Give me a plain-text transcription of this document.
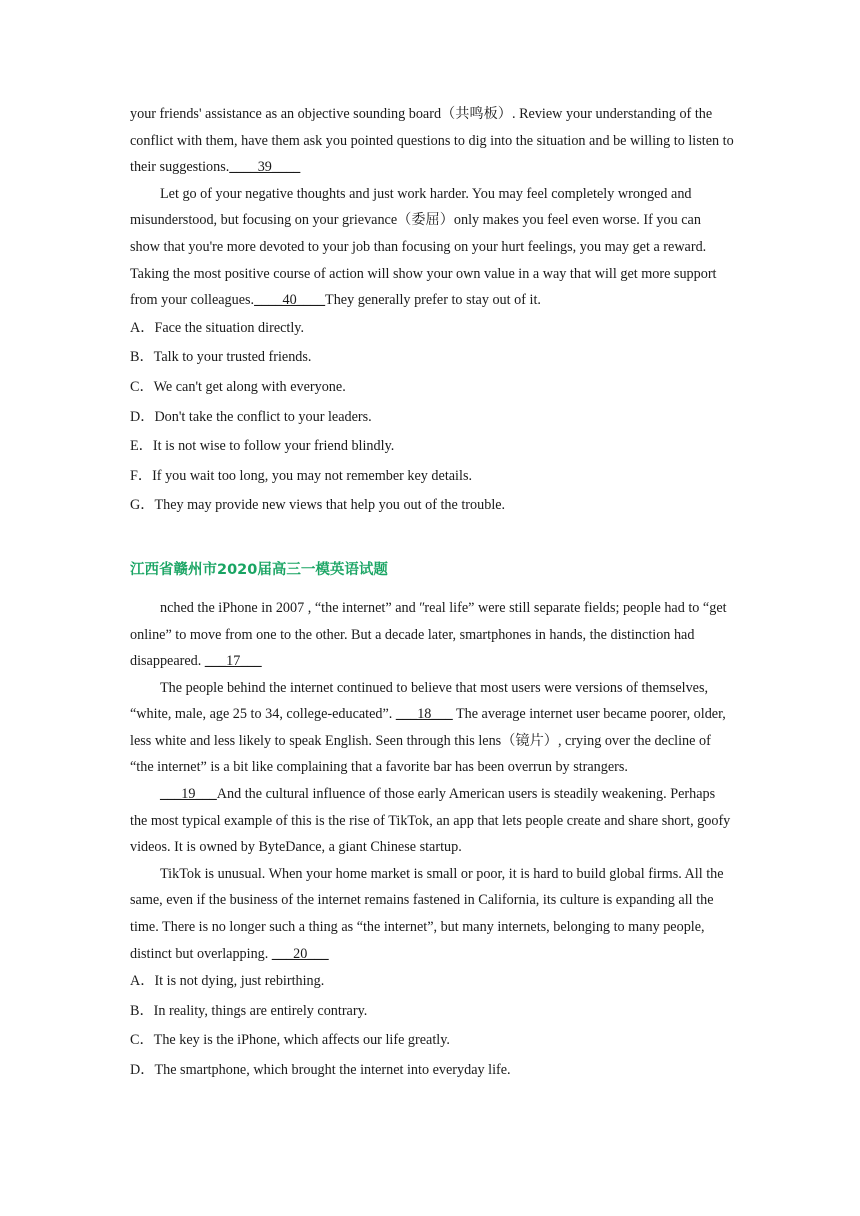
your friends' assistance as an objective sounding board（共鸣板）. Review your understanding of the conflict with them, have them ask you pointed questions to dig into the situation and be willing to listen to their suggestions.____39____

Let go of your negative thoughts and just work harder. You may feel completely wronged and misunderstood, but focusing on your grievance（委屈）only makes you feel even worse. If you can show that you're more devoted to your job than focusing on your hurt feelings, you may get a reward. Taking the most positive course of action will show your own value in a way that will get more support from your colleagues.____40____They generally prefer to stay out of it.

A．Face the situation directly.

B．Talk to your trusted friends.

C．We can't get along with everyone.

D．Don't take the conflict to your leaders.

E．It is not wise to follow your friend blindly.

F．If you wait too long, you may not remember key details.

G．They may provide new views that help you out of the trouble.

江西省赣州市2020届高三一模英语试题

nched the iPhone in 2007 , “the internet” and ʺreal life” were still separate fields; people had to “get online” to move from one to the other. But a decade later, smartphones in hands, the distinction had disappeared. ___17___

The people behind the internet continued to believe that most users were versions of themselves, “white, male, age 25 to 34, college-educated”. ___18___ The average internet user became poorer, older, less white and less likely to speak English. Seen through this lens（镜片）, crying over the decline of “the internet” is a bit like complaining that a favorite bar has been overrun by strangers.

___19___And the cultural influence of those early American users is steadily weakening. Perhaps the most typical example of this is the rise of TikTok, an app that lets people create and share short, goofy videos. It is owned by ByteDance, a giant Chinese startup.

TikTok is unusual. When your home market is small or poor, it is hard to build global firms. All the same, even if the business of the internet remains fastened in California, its culture is expanding all the time. There is no longer such a thing as “the internet”, but many internets, belonging to many people, distinct but overlapping. ___20___

A．It is not dying, just rebirthing.

B．In reality, things are entirely contrary.

C．The key is the iPhone, which affects our life greatly.

D．The smartphone, which brought the internet into everyday life.
